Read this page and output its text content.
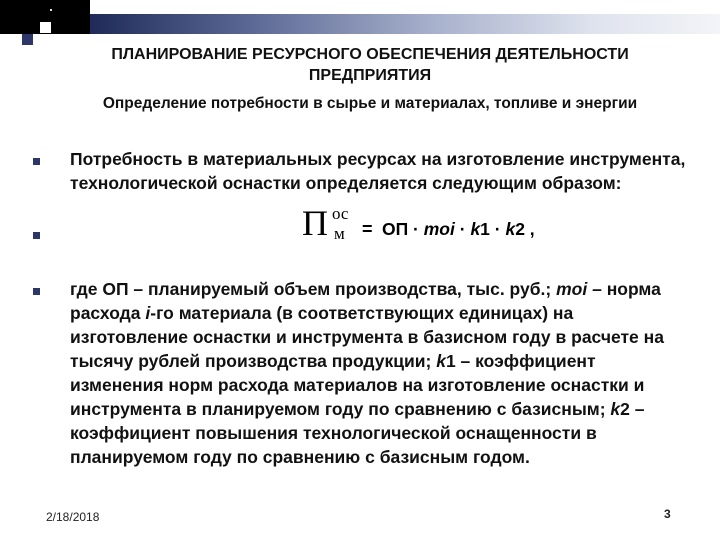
ПЛАНИРОВАНИЕ РЕСУРСНОГО ОБЕСПЕЧЕНИЯ ДЕЯТЕЛЬНОСТИ ПРЕДПРИЯТИЯ
Определение потребности в сырье и материалах, топливе и энергии
Потребность в материальных ресурсах на изготовление инструмента, технологической оснастки определяется следующим образом:
П ос
м = ОП · moi · k1 · k2 ,
где ОП – планируемый объем производства, тыс. руб.; moi – норма расхода i-го материала (в соответствующих единицах) на изготовление оснастки и инструмента в базисном году в расчете на тысячу рублей производства продукции; k1 – коэффициент изменения норм расхода материалов на изготовление оснастки и инструмента в планируемом году по сравнению с базисным; k2 – коэффициент повышения технологической оснащенности в планируемом году по сравнению с базисным годом.
2/18/2018	3
